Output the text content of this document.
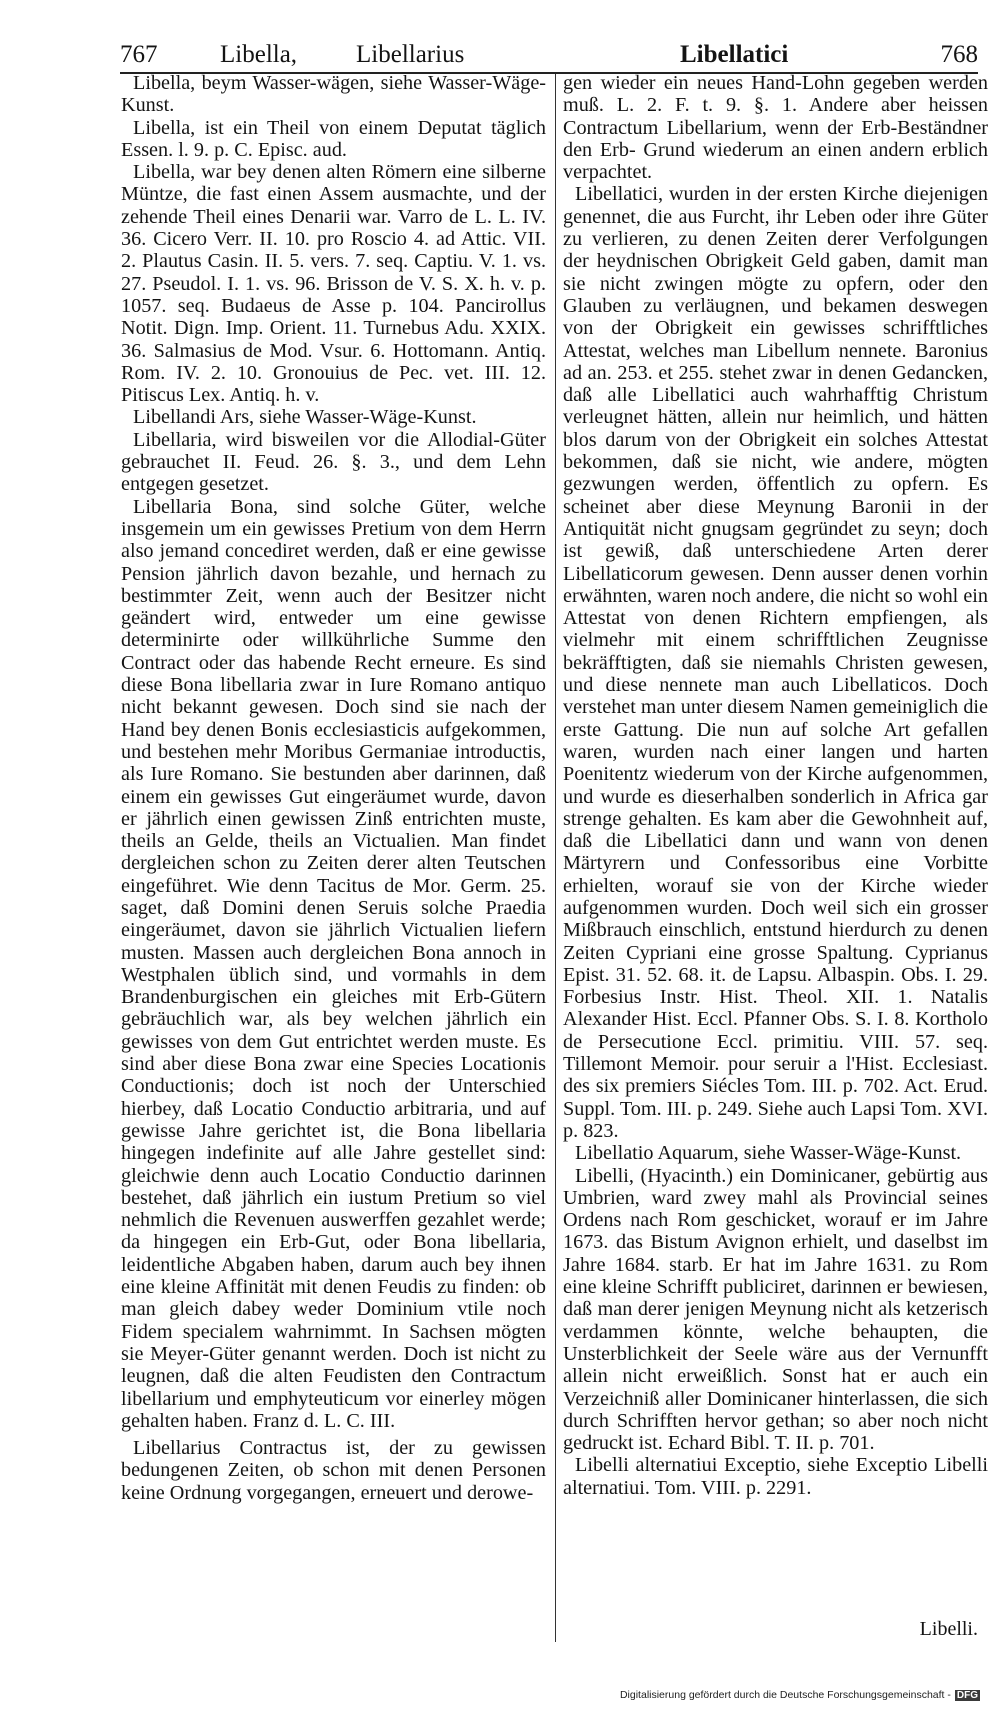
767	Libella, Libellarius	Libellatici	768

Libella, beym Wasser-wägen, siehe Wasser-Wäge-Kunst.

Libella, ist ein Theil von einem Deputat täglich Essen. l. 9. p. C. Episc. aud.

Libella, war bey denen alten Römern eine silberne Müntze, die fast einen Assem ausmachte, und der zehende Theil eines Denarii war. Varro de L. L. IV. 36. Cicero Verr. II. 10. pro Roscio 4. ad Attic. VII. 2. Plautus Casin. II. 5. vers. 7. seq. Captiu. V. 1. vs. 27. Pseudol. I. 1. vs. 96. Brisson de V. S. X. h. v. p. 1057. seq. Budaeus de Asse p. 104. Pancirollus Notit. Dign. Imp. Orient. 11. Turnebus Adu. XXIX. 36. Salmasius de Mod. Vsur. 6. Hottomann. Antiq. Rom. IV. 2. 10. Gronouius de Pec. vet. III. 12. Pitiscus Lex. Antiq. h. v.

Libellandi Ars, siehe Wasser-Wäge-Kunst.

Libellaria, wird bisweilen vor die Allodial-Güter gebrauchet II. Feud. 26. §. 3., und dem Lehn entgegen gesetzet.

Libellaria Bona, sind solche Güter, welche insgemein um ein gewisses Pretium von dem Herrn also jemand concediret werden, daß er eine gewisse Pension jährlich davon bezahle, und hernach zu bestimmter Zeit, wenn auch der Besitzer nicht geändert wird, entweder um eine gewisse determinirte oder willkührliche Summe den Contract oder das habende Recht erneure. Es sind diese Bona libellaria zwar in Iure Romano antiquo nicht bekannt gewesen. Doch sind sie nach der Hand bey denen Bonis ecclesiasticis aufgekommen, und bestehen mehr Moribus Germaniae introductis, als Iure Romano. Sie bestunden aber darinnen, daß einem ein gewisses Gut eingeräumet wurde, davon er jährlich einen gewissen Zinß entrichten muste, theils an Gelde, theils an Victualien. Man findet dergleichen schon zu Zeiten derer alten Teutschen eingeführet. Wie denn Tacitus de Mor. Germ. 25. saget, daß Domini denen Seruis solche Praedia eingeräumet, davon sie jährlich Victualien liefern musten. Massen auch dergleichen Bona annoch in Westphalen üblich sind, und vormahls in dem Brandenburgischen ein gleiches mit Erb-Gütern gebräuchlich war, als bey welchen jährlich ein gewisses von dem Gut entrichtet werden muste. Es sind aber diese Bona zwar eine Species Locationis Conductionis; doch ist noch der Unterschied hierbey, daß Locatio Conductio arbitraria, und auf gewisse Jahre gerichtet ist, die Bona libellaria hingegen indefinite auf alle Jahre gestellet sind: gleichwie denn auch Locatio Conductio darinnen bestehet, daß jährlich ein iustum Pretium so viel nehmlich die Revenuen auswerffen gezahlet werde; da hingegen ein Erb-Gut, oder Bona libellaria, leidentliche Abgaben haben, darum auch bey ihnen eine kleine Affinität mit denen Feudis zu finden: ob man gleich dabey weder Dominium vtile noch Fidem specialem wahrnimmt. In Sachsen mögten sie Meyer-Güter genannt werden. Doch ist nicht zu leugnen, daß die alten Feudisten den Contractum libellarium und emphyteuticum vor einerley mögen gehalten haben. Franz d. L. C. III.

Libellarius Contractus ist, der zu gewissen bedungenen Zeiten, ob schon mit denen Personen keine Ordnung vorgegangen, erneuert und derowe-

gen wieder ein neues Hand-Lohn gegeben werden muß. L. 2. F. t. 9. §. 1. Andere aber heissen Contractum Libellarium, wenn der Erb-Beständner den Erb- Grund wiederum an einen andern erblich verpachtet.

Libellatici, wurden in der ersten Kirche diejenigen genennet, die aus Furcht, ihr Leben oder ihre Güter zu verlieren, zu denen Zeiten derer Verfolgungen der heydnischen Obrigkeit Geld gaben, damit man sie nicht zwingen mögte zu opfern, oder den Glauben zu verläugnen, und bekamen deswegen von der Obrigkeit ein gewisses schrifftliches Attestat, welches man Libellum nennete. Baronius ad an. 253. et 255. stehet zwar in denen Gedancken, daß alle Libellatici auch wahrhafftig Christum verleugnet hätten, allein nur heimlich, und hätten blos darum von der Obrigkeit ein solches Attestat bekommen, daß sie nicht, wie andere, mögten gezwungen werden, öffentlich zu opfern. Es scheinet aber diese Meynung Baronii in der Antiquität nicht gnugsam gegründet zu seyn; doch ist gewiß, daß unterschiedene Arten derer Libellaticorum gewesen. Denn ausser denen vorhin erwähnten, waren noch andere, die nicht so wohl ein Attestat von denen Richtern empfiengen, als vielmehr mit einem schrifftlichen Zeugnisse bekräfftigten, daß sie niemahls Christen gewesen, und diese nennete man auch Libellaticos. Doch verstehet man unter diesem Namen gemeiniglich die erste Gattung. Die nun auf solche Art gefallen waren, wurden nach einer langen und harten Poenitentz wiederum von der Kirche aufgenommen, und wurde es dieserhalben sonderlich in Africa gar strenge gehalten. Es kam aber die Gewohnheit auf, daß die Libellatici dann und wann von denen Märtyrern und Confessoribus eine Vorbitte erhielten, worauf sie von der Kirche wieder aufgenommen wurden. Doch weil sich ein grosser Mißbrauch einschlich, entstund hierdurch zu denen Zeiten Cypriani eine grosse Spaltung. Cyprianus Epist. 31. 52. 68. it. de Lapsu. Albaspin. Obs. I. 29. Forbesius Instr. Hist. Theol. XII. 1. Natalis Alexander Hist. Eccl. Pfanner Obs. S. I. 8. Kortholo de Persecutione Eccl. primitiu. VIII. 57. seq. Tillemont Memoir. pour seruir a l'Hist. Ecclesiast. des six premiers Siécles Tom. III. p. 702. Act. Erud. Suppl. Tom. III. p. 249. Siehe auch Lapsi Tom. XVI. p. 823.

Libellatio Aquarum, siehe Wasser-Wäge-Kunst.

Libelli, (Hyacinth.) ein Dominicaner, gebürtig aus Umbrien, ward zwey mahl als Provincial seines Ordens nach Rom geschicket, worauf er im Jahre 1673. das Bistum Avignon erhielt, und daselbst im Jahre 1684. starb. Er hat im Jahre 1631. zu Rom eine kleine Schrifft publiciret, darinnen er bewiesen, daß man derer jenigen Meynung nicht als ketzerisch verdammen könnte, welche behaupten, die Unsterblichkeit der Seele wäre aus der Vernunfft allein nicht erweißlich. Sonst hat er auch ein Verzeichniß aller Dominicaner hinterlassen, die sich durch Schrifften hervor gethan; so aber noch nicht gedruckt ist. Echard Bibl. T. II. p. 701.

Libelli alternatiui Exceptio, siehe Exceptio Libelli alternatiui. Tom. VIII. p. 2291.

Libelli.
Digitalisierung gefördert durch die Deutsche Forschungsgemeinschaft - DFG
